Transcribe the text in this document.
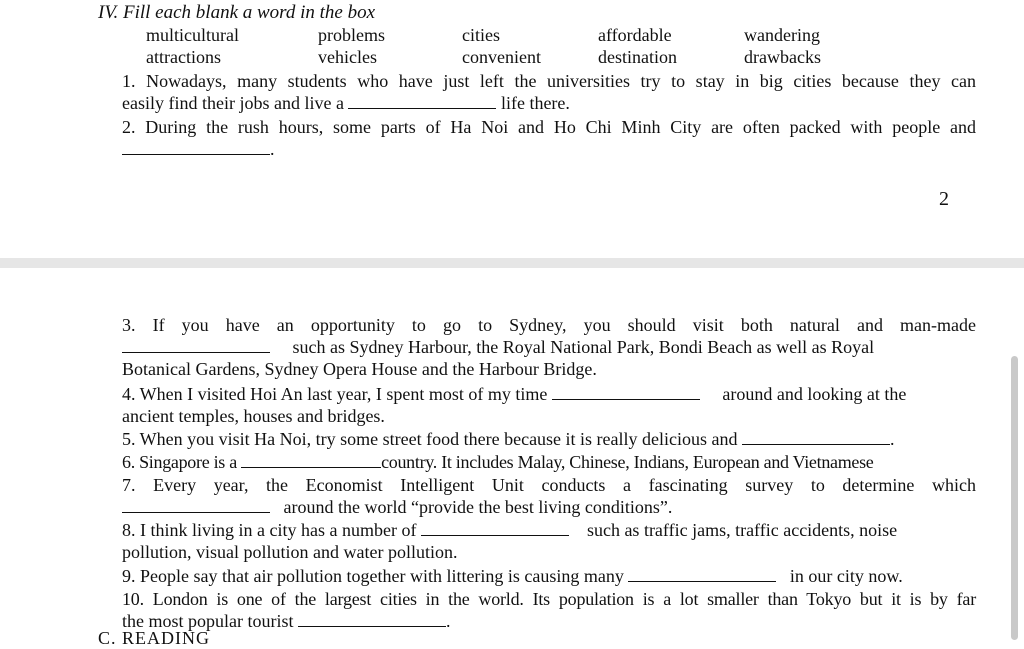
IV. Fill each blank a word in the box
multicultural	problems	cities	affordable	wandering
attractions	vehicles	convenient	destination	drawbacks
1. Nowadays, many students who have just left the universities try to stay in big cities because they can
easily find their jobs and live a	life there.
2. During the rush hours, some parts of Ha Noi and Ho Chi Minh City are often packed with people and
.
2
3. If you have an opportunity to go to Sydney, you should visit both natural and man-made
such as Sydney Harbour, the Royal National Park, Bondi Beach as well as Royal
Botanical Gardens, Sydney Opera House and the Harbour Bridge.
4. When I visited Hoi An last year, I spent most of my time	around and looking at the
ancient temples, houses and bridges.
5. When you visit Ha Noi, try some street food there because it is really delicious and	.
6. Singapore is a	country. It includes Malay, Chinese, Indians, European and Vietnamese
7. Every year, the Economist Intelligent Unit conducts a fascinating survey to determine which
around the world “provide the best living conditions”.
8. I think living in a city has a number of	such as traffic jams, traffic accidents, noise
pollution, visual pollution and water pollution.
9. People say that air pollution together with littering is causing many	in our city now.
10. London is one of the largest cities in the world. Its population is a lot smaller than Tokyo but it is by far
the most popular tourist	.
C. READING
